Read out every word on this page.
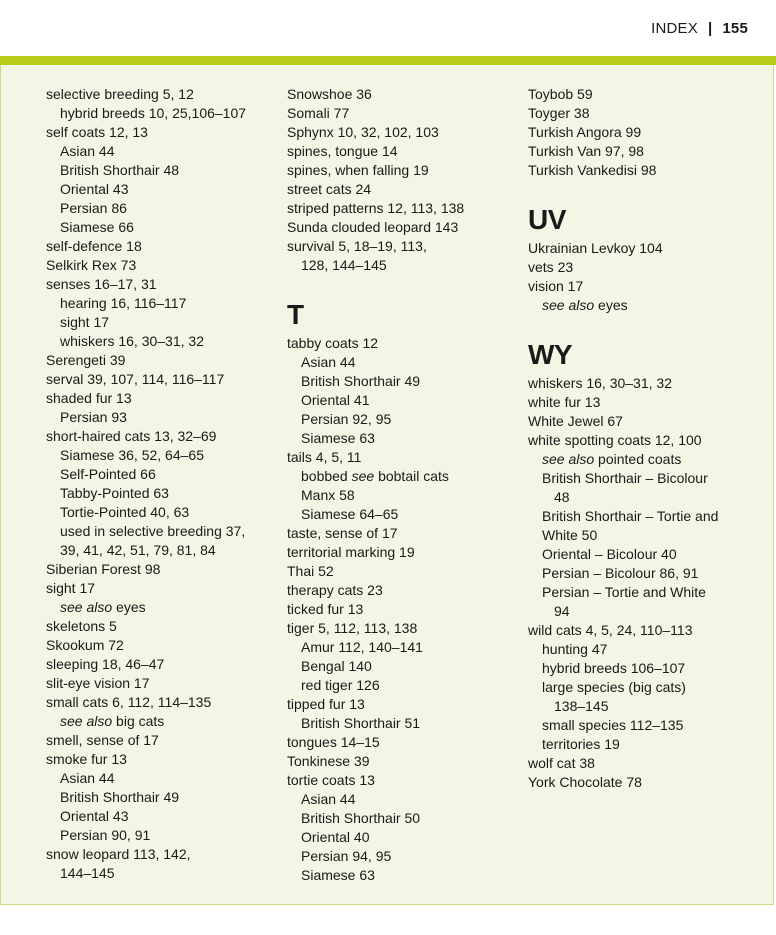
INDEX | 155
selective breeding 5, 12
hybrid breeds 10, 25,106–107
self coats 12, 13
Asian 44
British Shorthair 48
Oriental 43
Persian 86
Siamese 66
self-defence 18
Selkirk Rex 73
senses 16–17, 31
hearing 16, 116–117
sight 17
whiskers 16, 30–31, 32
Serengeti 39
serval 39, 107, 114, 116–117
shaded fur 13
Persian 93
short-haired cats 13, 32–69
Siamese 36, 52, 64–65
Self-Pointed 66
Tabby-Pointed 63
Tortie-Pointed 40, 63
used in selective breeding 37,
39, 41, 42, 51, 79, 81, 84
Siberian Forest 98
sight 17
see also eyes
skeletons 5
Skookum 72
sleeping 18, 46–47
slit-eye vision 17
small cats 6, 112, 114–135
see also big cats
smell, sense of 17
smoke fur 13
Asian 44
British Shorthair 49
Oriental 43
Persian 90, 91
snow leopard 113, 142,
144–145
Snowshoe 36
Somali 77
Sphynx 10, 32, 102, 103
spines, tongue 14
spines, when falling 19
street cats 24
striped patterns 12, 113, 138
Sunda clouded leopard 143
survival 5, 18–19, 113,
128, 144–145
T
tabby coats 12
Asian 44
British Shorthair 49
Oriental 41
Persian 92, 95
Siamese 63
tails 4, 5, 11
bobbed see bobtail cats
Manx 58
Siamese 64–65
taste, sense of 17
territorial marking 19
Thai 52
therapy cats 23
ticked fur 13
tiger 5, 112, 113, 138
Amur 112, 140–141
Bengal 140
red tiger 126
tipped fur 13
British Shorthair 51
tongues 14–15
Tonkinese 39
tortie coats 13
Asian 44
British Shorthair 50
Oriental 40
Persian 94, 95
Siamese 63
Toybob 59
Toyger 38
Turkish Angora 99
Turkish Van 97, 98
Turkish Vankedisi 98
UV
Ukrainian Levkoy 104
vets 23
vision 17
see also eyes
WY
whiskers 16, 30–31, 32
white fur 13
White Jewel 67
white spotting coats 12, 100
see also pointed coats
British Shorthair – Bicolour
48
British Shorthair – Tortie and
White 50
Oriental – Bicolour 40
Persian – Bicolour 86, 91
Persian – Tortie and White
94
wild cats 4, 5, 24, 110–113
hunting 47
hybrid breeds 106–107
large species (big cats)
138–145
small species 112–135
territories 19
wolf cat 38
York Chocolate 78
